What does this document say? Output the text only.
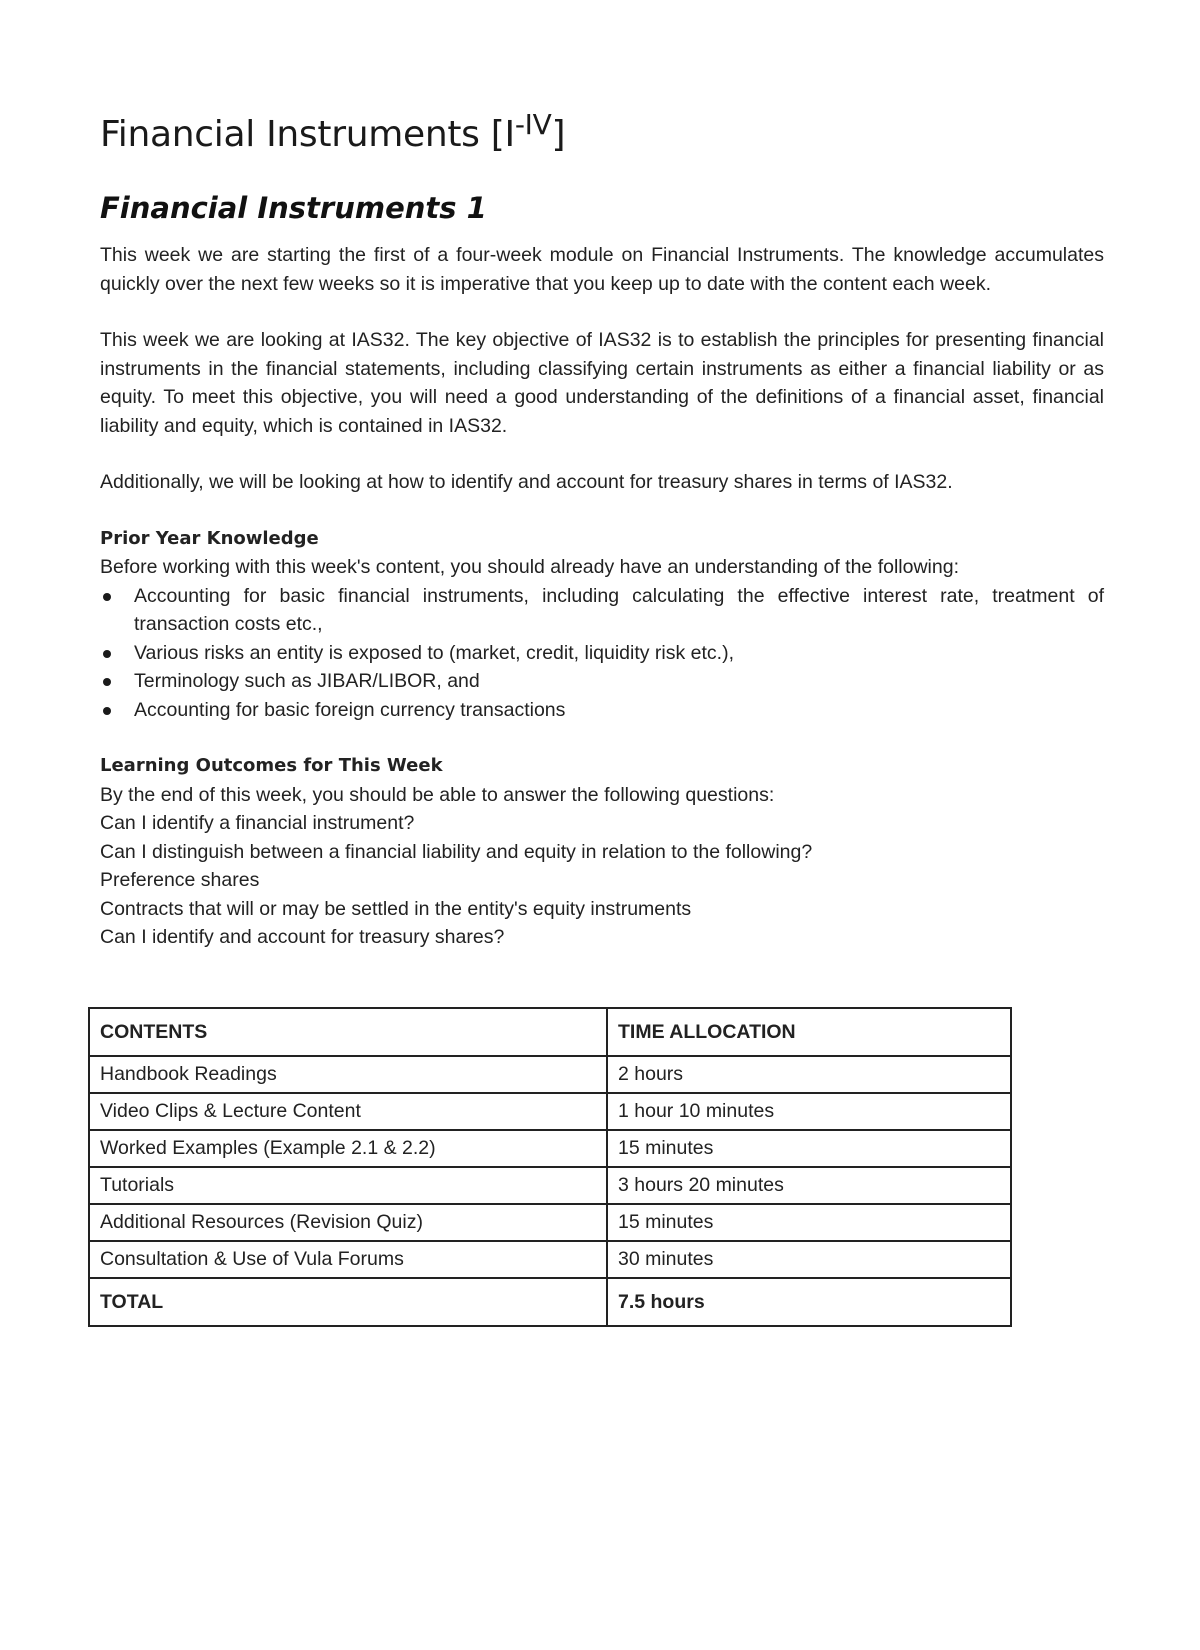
Financial Instruments $[I^{-IV}]$
Financial Instruments 1

This week we are starting the first of a four-week module on Financial Instruments. The knowledge accumulates quickly over the next few weeks so it is imperative that you keep up to date with the content each week.

This week we are looking at IAS32. The key objective of IAS32 is to establish the principles for presenting financial instruments in the financial statements, including classifying certain instruments as either a financial liability or as equity. To meet this objective, you will need a good understanding of the definitions of a financial asset, financial liability and equity, which is contained in IAS32.

Additionally, we will be looking at how to identify and account for treasury shares in terms of IAS32.

Prior Year Knowledge

Before working with this week's content, you should already have an understanding of the following:

Accounting for basic financial instruments, including calculating the effective interest rate, treatment of transaction costs etc.,
Various risks an entity is exposed to (market, credit, liquidity risk etc.),
Terminology such as JIBAR/LIBOR, and
Accounting for basic foreign currency transactions

Learning Outcomes for This Week

By the end of this week, you should be able to answer the following questions:

Can I identify a financial instrument?

Can I distinguish between a financial liability and equity in relation to the following?

Preference shares

Contracts that will or may be settled in the entity's equity instruments

Can I identify and account for treasury shares?

CONTENTS	TIME ALLOCATION
Handbook Readings	2 hours
Video Clips & Lecture Content	1 hour 10 minutes
Worked Examples (Example 2.1 & 2.2)	15 minutes
Tutorials	3 hours 20 minutes
Additional Resources (Revision Quiz)	15 minutes
Consultation & Use of Vula Forums	30 minutes
TOTAL	7.5 hours
